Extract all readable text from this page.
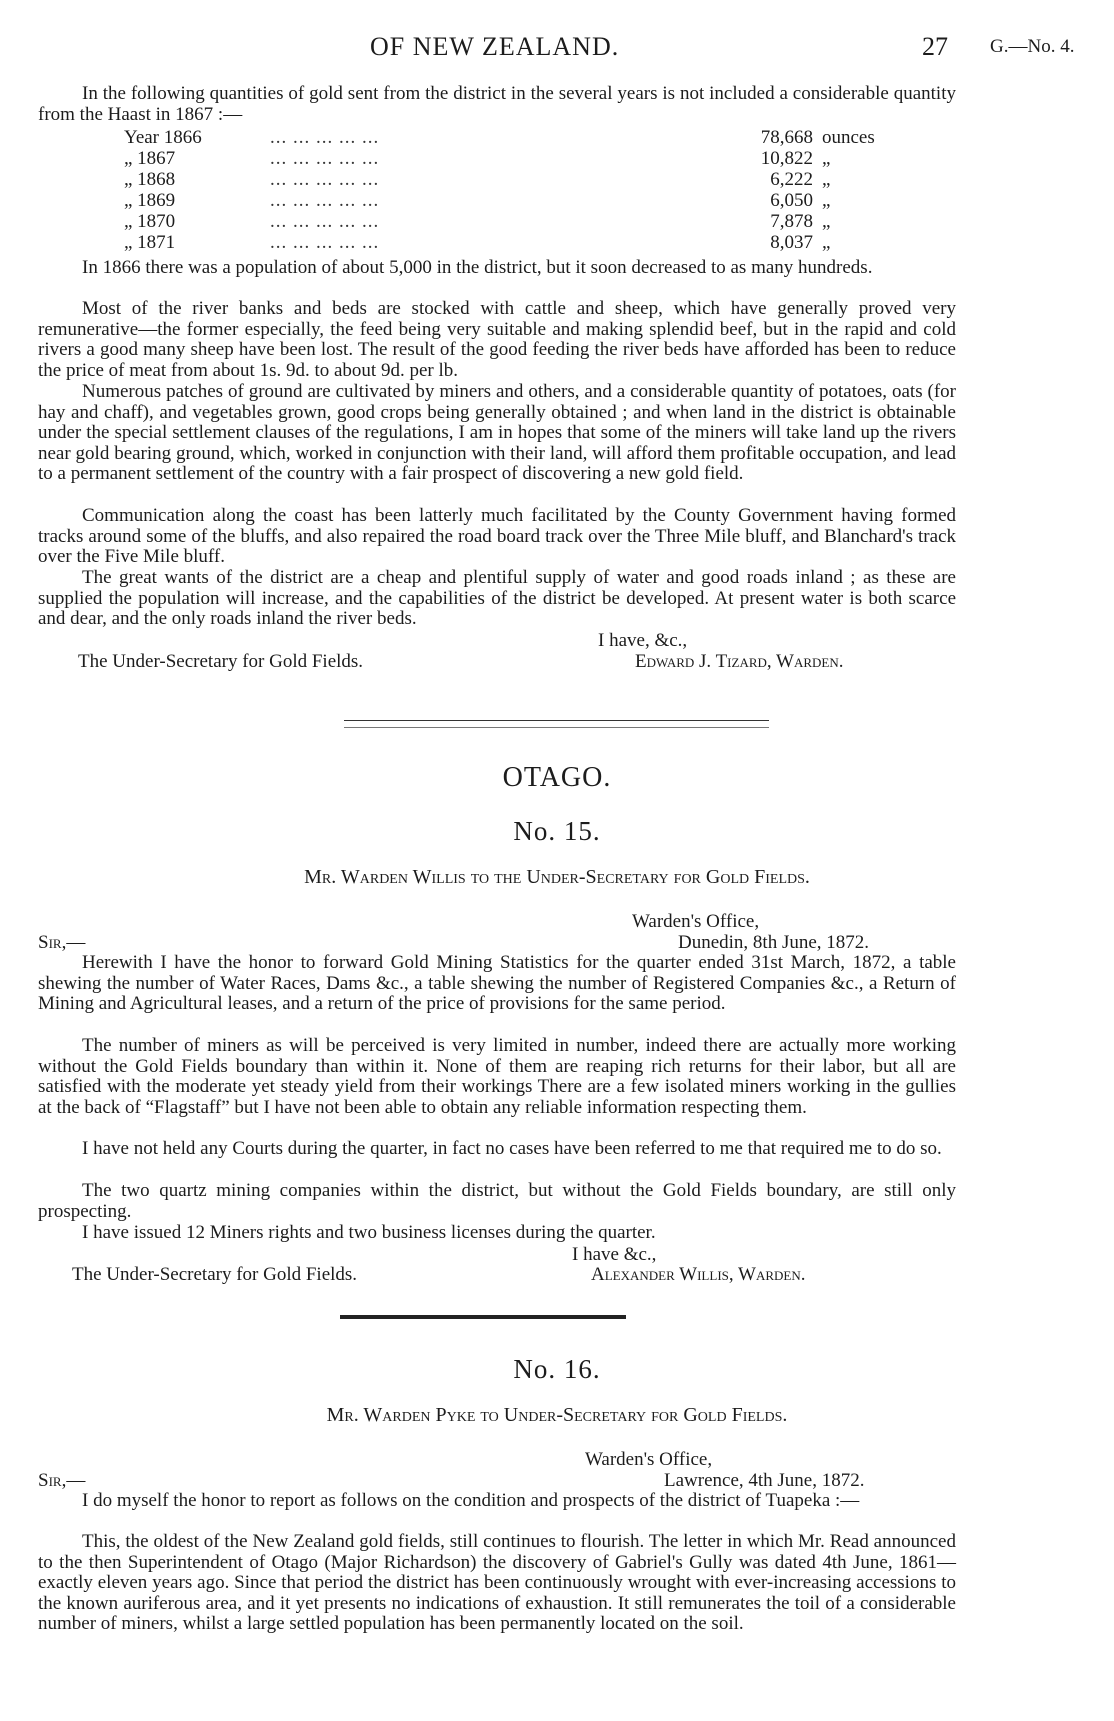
OF NEW ZEALAND.	27 G.—No. 4.

In the following quantities of gold sent from the district in the several years is not included a considerable quantity from the Haast in 1867 :—

Year 1866	... ... ... ... ...	78,668 ounces
„ 1867	... ... ... ... ...	10,822 „
„ 1868	... ... ... ... ...	6,222 „
„ 1869	... ... ... ... ...	6,050 „
„ 1870	... ... ... ... ...	7,878 „
„ 1871	... ... ... ... ...	8,037 „

In 1866 there was a population of about 5,000 in the district, but it soon decreased to as many hundreds.

Most of the river banks and beds are stocked with cattle and sheep, which have generally proved very remunerative—the former especially, the feed being very suitable and making splendid beef, but in the rapid and cold rivers a good many sheep have been lost. The result of the good feeding the river beds have afforded has been to reduce the price of meat from about 1s. 9d. to about 9d. per lb.

Numerous patches of ground are cultivated by miners and others, and a considerable quantity of potatoes, oats (for hay and chaff), and vegetables grown, good crops being generally obtained ; and when land in the district is obtainable under the special settlement clauses of the regulations, I am in hopes that some of the miners will take land up the rivers near gold bearing ground, which, worked in conjunction with their land, will afford them profitable occupation, and lead to a permanent settlement of the country with a fair prospect of discovering a new gold field.

Communication along the coast has been latterly much facilitated by the County Government having formed tracks around some of the bluffs, and also repaired the road board track over the Three Mile bluff, and Blanchard's track over the Five Mile bluff.

The great wants of the district are a cheap and plentiful supply of water and good roads inland ; as these are supplied the population will increase, and the capabilities of the district be developed. At present water is both scarce and dear, and the only roads inland the river beds.

I have, &c.,
The Under-Secretary for Gold Fields.	Edward J. Tizard, Warden.
OTAGO.
No. 15.
Mr. Warden Willis to the Under-Secretary for Gold Fields.
Warden's Office,
Sir,—	Dunedin, 8th June, 1872.

Herewith I have the honor to forward Gold Mining Statistics for the quarter ended 31st March, 1872, a table shewing the number of Water Races, Dams &c., a table shewing the number of Registered Companies &c., a Return of Mining and Agricultural leases, and a return of the price of provisions for the same period.

The number of miners as will be perceived is very limited in number, indeed there are actually more working without the Gold Fields boundary than within it. None of them are reaping rich returns for their labor, but all are satisfied with the moderate yet steady yield from their workings There are a few isolated miners working in the gullies at the back of “Flagstaff” but I have not been able to obtain any reliable information respecting them.

I have not held any Courts during the quarter, in fact no cases have been referred to me that required me to do so.

The two quartz mining companies within the district, but without the Gold Fields boundary, are still only prospecting.

I have issued 12 Miners rights and two business licenses during the quarter.

I have &c.,
The Under-Secretary for Gold Fields.	Alexander Willis, Warden.
No. 16.
Mr. Warden Pyke to Under-Secretary for Gold Fields.
Warden's Office,
Sir,—	Lawrence, 4th June, 1872.

I do myself the honor to report as follows on the condition and prospects of the district of Tuapeka :—

This, the oldest of the New Zealand gold fields, still continues to flourish. The letter in which Mr. Read announced to the then Superintendent of Otago (Major Richardson) the discovery of Gabriel's Gully was dated 4th June, 1861—exactly eleven years ago. Since that period the district has been continuously wrought with ever-increasing accessions to the known auriferous area, and it yet presents no indications of exhaustion. It still remunerates the toil of a considerable number of miners, whilst a large settled population has been permanently located on the soil.
